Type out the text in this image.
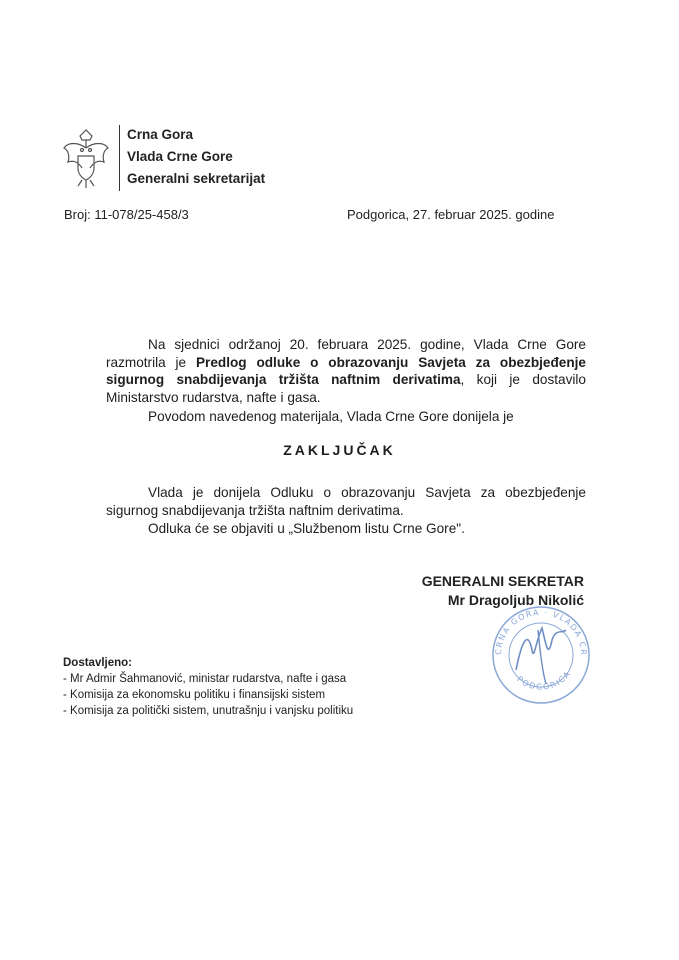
Crna Gora
Vlada Crne Gore
Generalni sekretarijat
Broj: 11-078/25-458/3	Podgorica, 27. februar 2025. godine
Na sjednici održanoj 20. februara 2025. godine, Vlada Crne Gore razmotrila je Predlog odluke o obrazovanju Savjeta za obezbjeđenje sigurnog snabdijevanja tržišta naftnim derivatima, koji je dostavilo Ministarstvo rudarstva, nafte i gasa.
Povodom navedenog materijala, Vlada Crne Gore donijela je
ZAKLJUČAK
Vlada je donijela Odluku o obrazovanju Savjeta za obezbjeđenje sigurnog snabdijevanja tržišta naftnim derivatima.
Odluka će se objaviti u „Službenom listu Crne Gore".
GENERALNI SEKRETAR
Mr Dragoljub Nikolić
CRNA GORA · VLADA CR
PODGORICA
Dostavljeno:
- Mr Admir Šahmanović, ministar rudarstva, nafte i gasa
- Komisija za ekonomsku politiku i finansijski sistem
- Komisija za politički sistem, unutrašnju i vanjsku politiku
